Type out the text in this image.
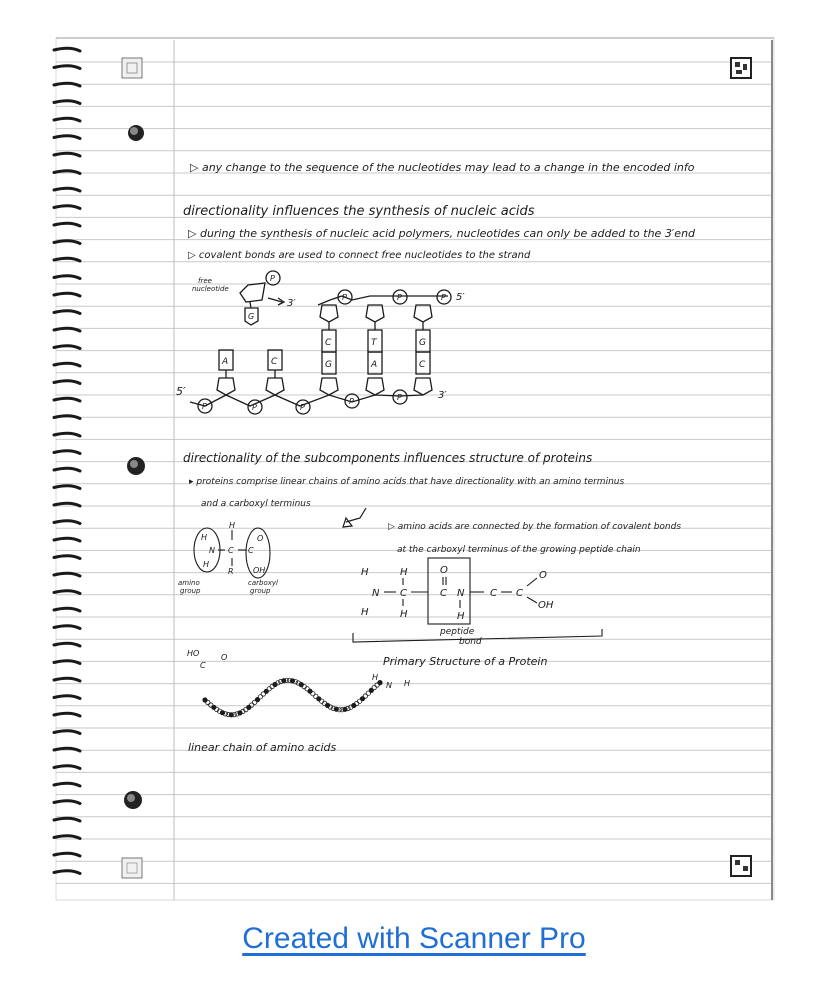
▷ any change to the sequence of the nucleotides may lead to a change in the encoded info
directionality influences the synthesis of nucleic acids
▷ during the synthesis of nucleic acid polymers, nucleotides can only be added to the 3′end
▷ covalent bonds are used to connect free nucleotides to the strand
free
nucleotide
P
G
3′
P	P	P 5′
C
G
T
A
G
C
A	C
P	P	P
P	P
5′	3′
directionality of the subcomponents influences structure of proteins
▸ proteins comprise linear chains of amino acids that have directionality with an amino terminus
and a carboxyl terminus
▷ amino acids are connected by the formation of covalent bonds
at the carboxyl terminus of the growing peptide chain
H
H
N
H
C
R
C
O
OH
amino
group
carboxyl
group
H	H
N C
H	H
O
C N
H
C C
O
OH
peptide
bond
Primary Structure of a Protein
HO
C
O
H
N H
linear chain of amino acids
Created with Scanner Pro
